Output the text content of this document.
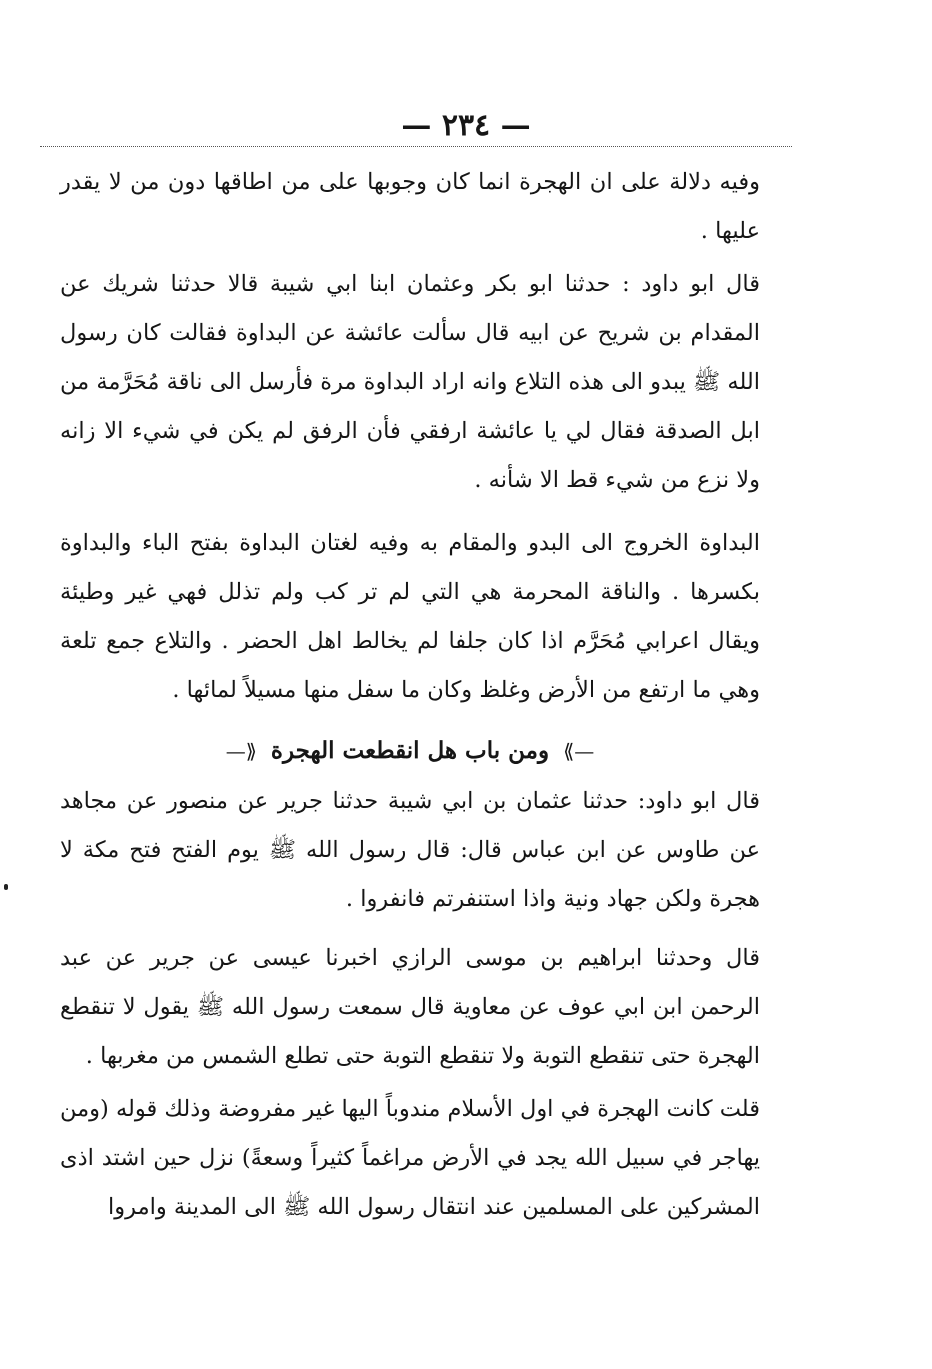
— ٢٣٤ —

وفيه دلالة على ان الهجرة انما كان وجوبها على من اطاقها دون من لا يقدر عليها .

قال ابو داود : حدثنا ابو بكر وعثمان ابنا ابي شيبة قالا حدثنا شريك عن المقدام بن شريح عن ابيه قال سألت عائشة عن البداوة فقالت كان رسول الله ﷺ يبدو الى هذه التلاع وانه اراد البداوة مرة فأرسل الى ناقة مُحَرَّمة من ابل الصدقة فقال لي يا عائشة ارفقي فأن الرفق لم يكن في شيء الا زانه ولا نزع من شيء قط الا شأنه .

البداوة الخروج الى البدو والمقام به وفيه لغتان البداوة بفتح الباء والبداوة بكسرها . والناقة المحرمة هي التي لم تر كب ولم تذلل فهي غير وطيئة ويقال اعرابي مُحَرَّم اذا كان جلفا لم يخالط اهل الحضر . والتلاع جمع تلعة وهي ما ارتفع من الأرض وغلظ وكان ما سفل منها مسيلاً لمائها .

—⟫ ومن باب هل انقطعت الهجرة ⟪—

قال ابو داود: حدثنا عثمان بن ابي شيبة حدثنا جرير عن منصور عن مجاهد عن طاوس عن ابن عباس قال: قال رسول الله ﷺ يوم الفتح فتح مكة لا هجرة ولكن جهاد ونية واذا استنفرتم فانفروا .

قال وحدثنا ابراهيم بن موسى الرازي اخبرنا عيسى عن جرير عن عبد الرحمن ابن ابي عوف عن معاوية قال سمعت رسول الله ﷺ يقول لا تنقطع الهجرة حتى تنقطع التوبة ولا تنقطع التوبة حتى تطلع الشمس من مغربها .

قلت كانت الهجرة في اول الأسلام مندوباً اليها غير مفروضة وذلك قوله (ومن يهاجر في سبيل الله يجد في الأرض مراغماً كثيراً وسعةً) نزل حين اشتد اذى المشركين على المسلمين عند انتقال رسول الله ﷺ الى المدينة وامروا
